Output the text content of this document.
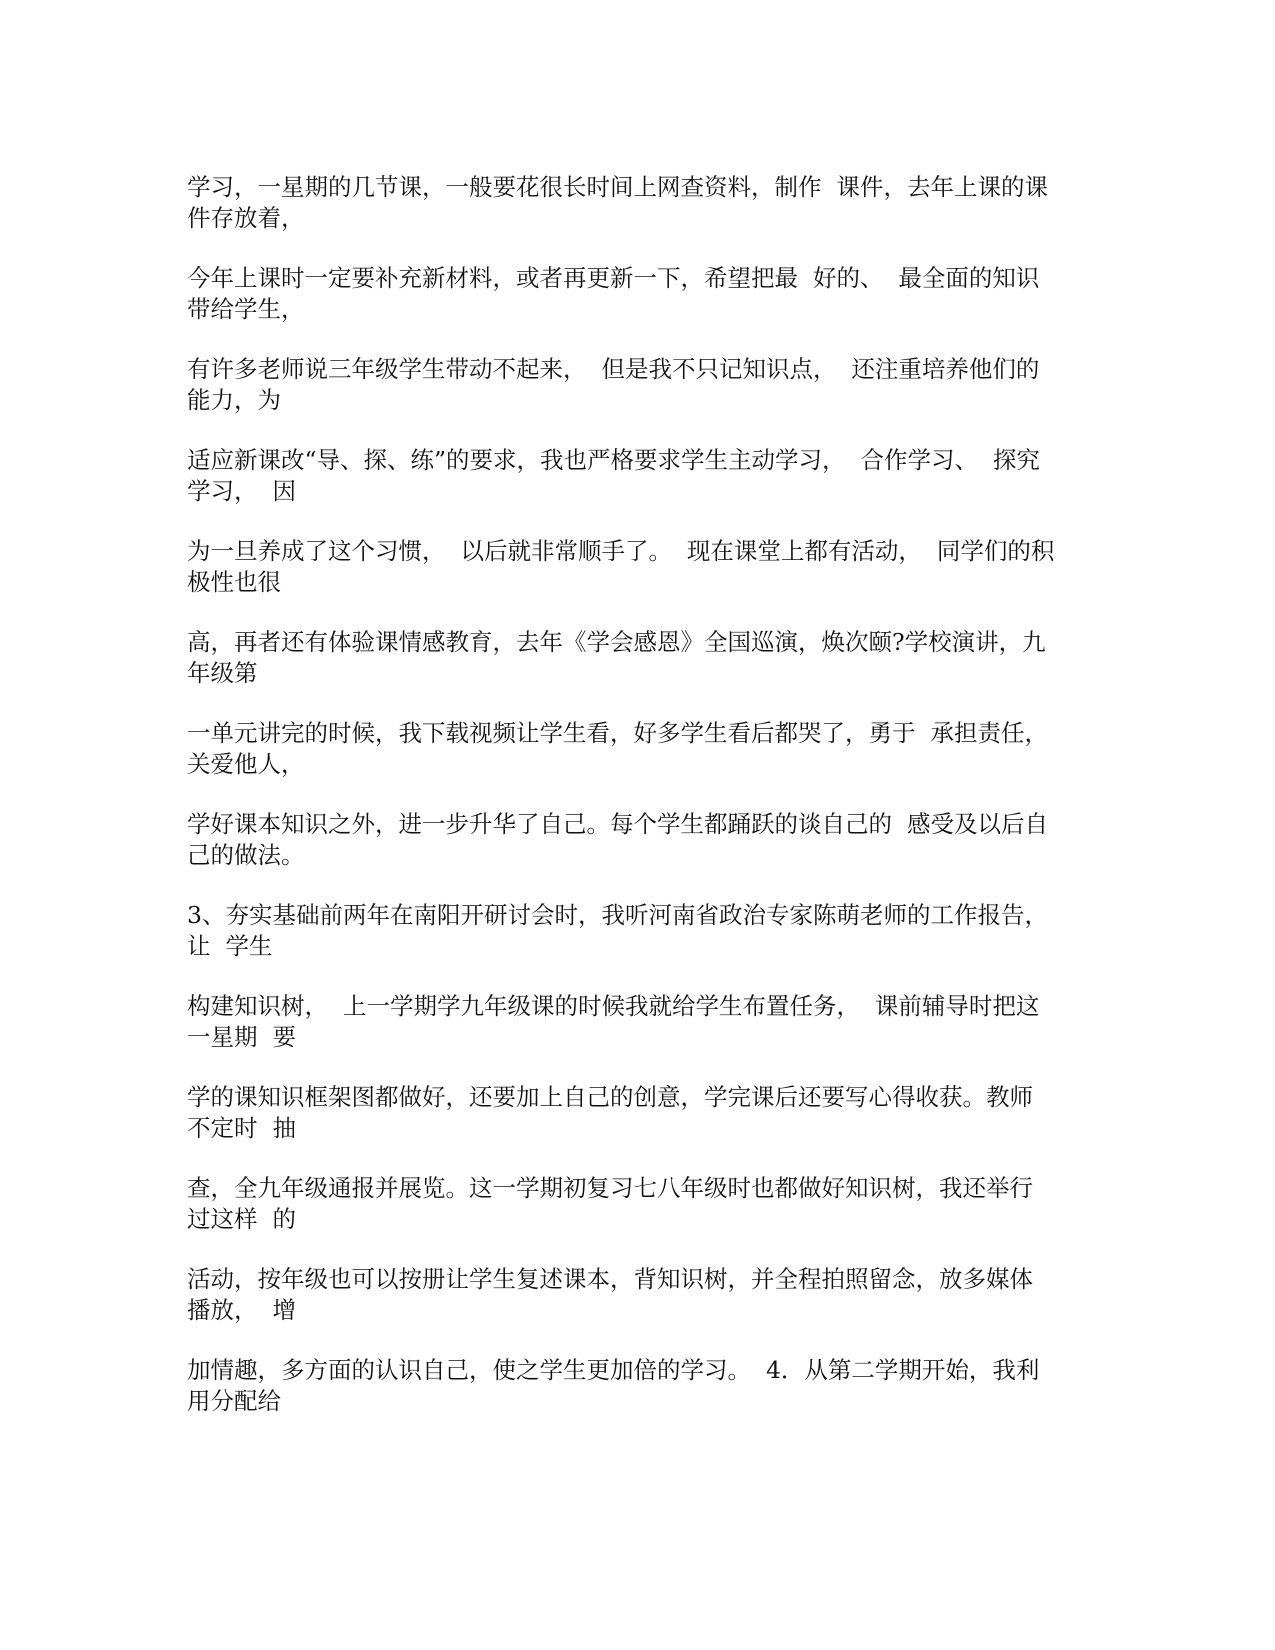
学习，一星期的几节课，一般要花很长时间上网查资料，制作  课件，去年上课的课
件存放着，

今年上课时一定要补充新材料，或者再更新一下，希望把最  好的、  最全面的知识
带给学生，

有许多老师说三年级学生带动不起来，  但是我不只记知识点，  还注重培养他们的
能力，为

适应新课改“导、探、练”的要求，我也严格要求学生主动学习，  合作学习、  探究
学习，  因

为一旦养成了这个习惯，  以后就非常顺手了。  现在课堂上都有活动，  同学们的积
极性也很

高，再者还有体验课情感教育，去年《学会感恩》全国巡演，焕次颐?学校演讲，九
年级第

一单元讲完的时候，我下载视频让学生看，好多学生看后都哭了，勇于  承担责任，
关爱他人，

学好课本知识之外，进一步升华了自己。每个学生都踊跃的谈自己的  感受及以后自
己的做法。

3、夯实基础前两年在南阳开研讨会时，我听河南省政治专家陈萌老师的工作报告，
让  学生

构建知识树，  上一学期学九年级课的时候我就给学生布置任务，  课前辅导时把这
一星期  要

学的课知识框架图都做好，还要加上自己的创意，学完课后还要写心得收获。教师
不定时  抽

查，全九年级通报并展览。这一学期初复习七八年级时也都做好知识树，我还举行
过这样  的

活动，按年级也可以按册让学生复述课本，背知识树，并全程拍照留念，放多媒体
播放，  增

加情趣，多方面的认识自己，使之学生更加倍的学习。  4．从第二学期开始，我利
用分配给
